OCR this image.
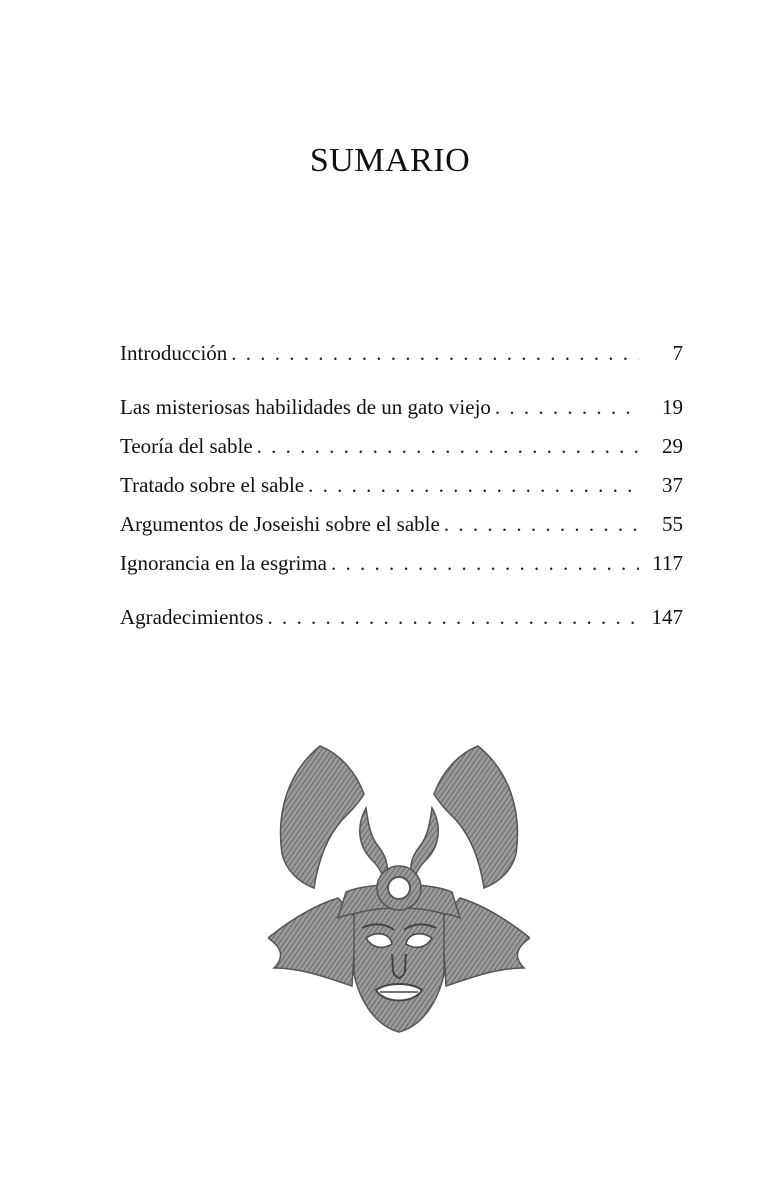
SUMARIO
Introducción . . .	7
Las misteriosas habilidades de un gato viejo . . .	19
Teoría del sable . . .	29
Tratado sobre el sable . . .	37
Argumentos de Joseishi sobre el sable . . .	55
Ignorancia en la esgrima . . .	117
Agradecimientos . . .	147
